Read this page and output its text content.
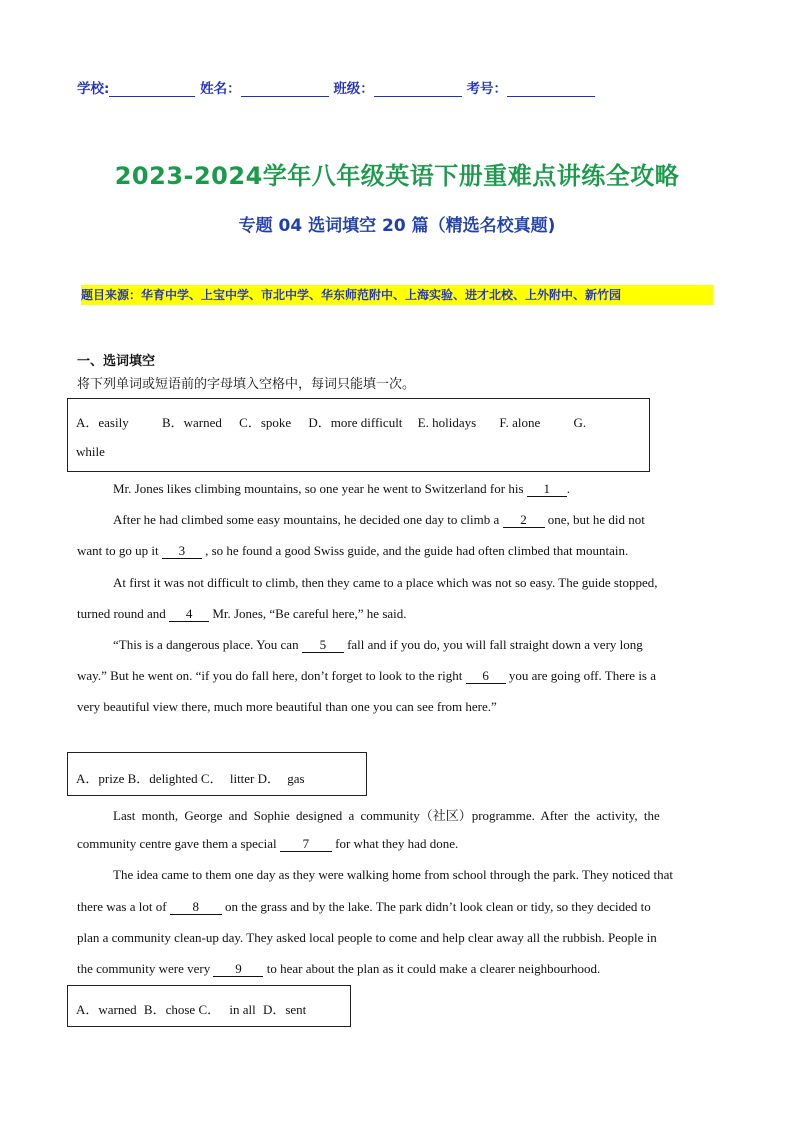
学校:	姓名：	班级：	考号：
2023-2024学年八年级英语下册重难点讲练全攻略
专题 04 选词填空 20 篇（精选名校真题)
题目来源：华育中学、上宝中学、市北中学、华东师范附中、上海实验、进才北校、上外附中、新竹园
一、选词填空
将下列单词或短语前的字母填入空格中，每词只能填一次。
A．easily	B．warned C．spoke D．more difficult E. holidays F. alone	G.
while
Mr. Jones likes climbing mountains, so one year he went to Switzerland for his 1 .
After he had climbed some easy mountains, he decided one day to climb a 2 one, but he did not
want to go up it 3 , so he found a good Swiss guide, and the guide had often climbed that mountain.
At first it was not difficult to climb, then they came to a place which was not so easy. The guide stopped,
turned round and 4 Mr. Jones, “Be careful here,” he said.
“This is a dangerous place. You can 5 fall and if you do, you will fall straight down a very long
way.” But he went on. “if you do fall here, don’t forget to look to the right 6 you are going off. There is a
very beautiful view there, much more beautiful than one you can see from here.”
A．prize B．delighted C． litter D． gas
Last month, George and Sophie designed a community（社区）programme. After the activity, the
community centre gave them a special 7 for what they had done.
The idea came to them one day as they were walking home from school through the park. They noticed that
there was a lot of 8 on the grass and by the lake. The park didn’t look clean or tidy, so they decided to
plan a community clean-up day. They asked local people to come and help clear away all the rubbish. People in
the community were very 9 to hear about the plan as it could make a clearer neighbourhood.
A．warned B．chose C． in all D．sent
